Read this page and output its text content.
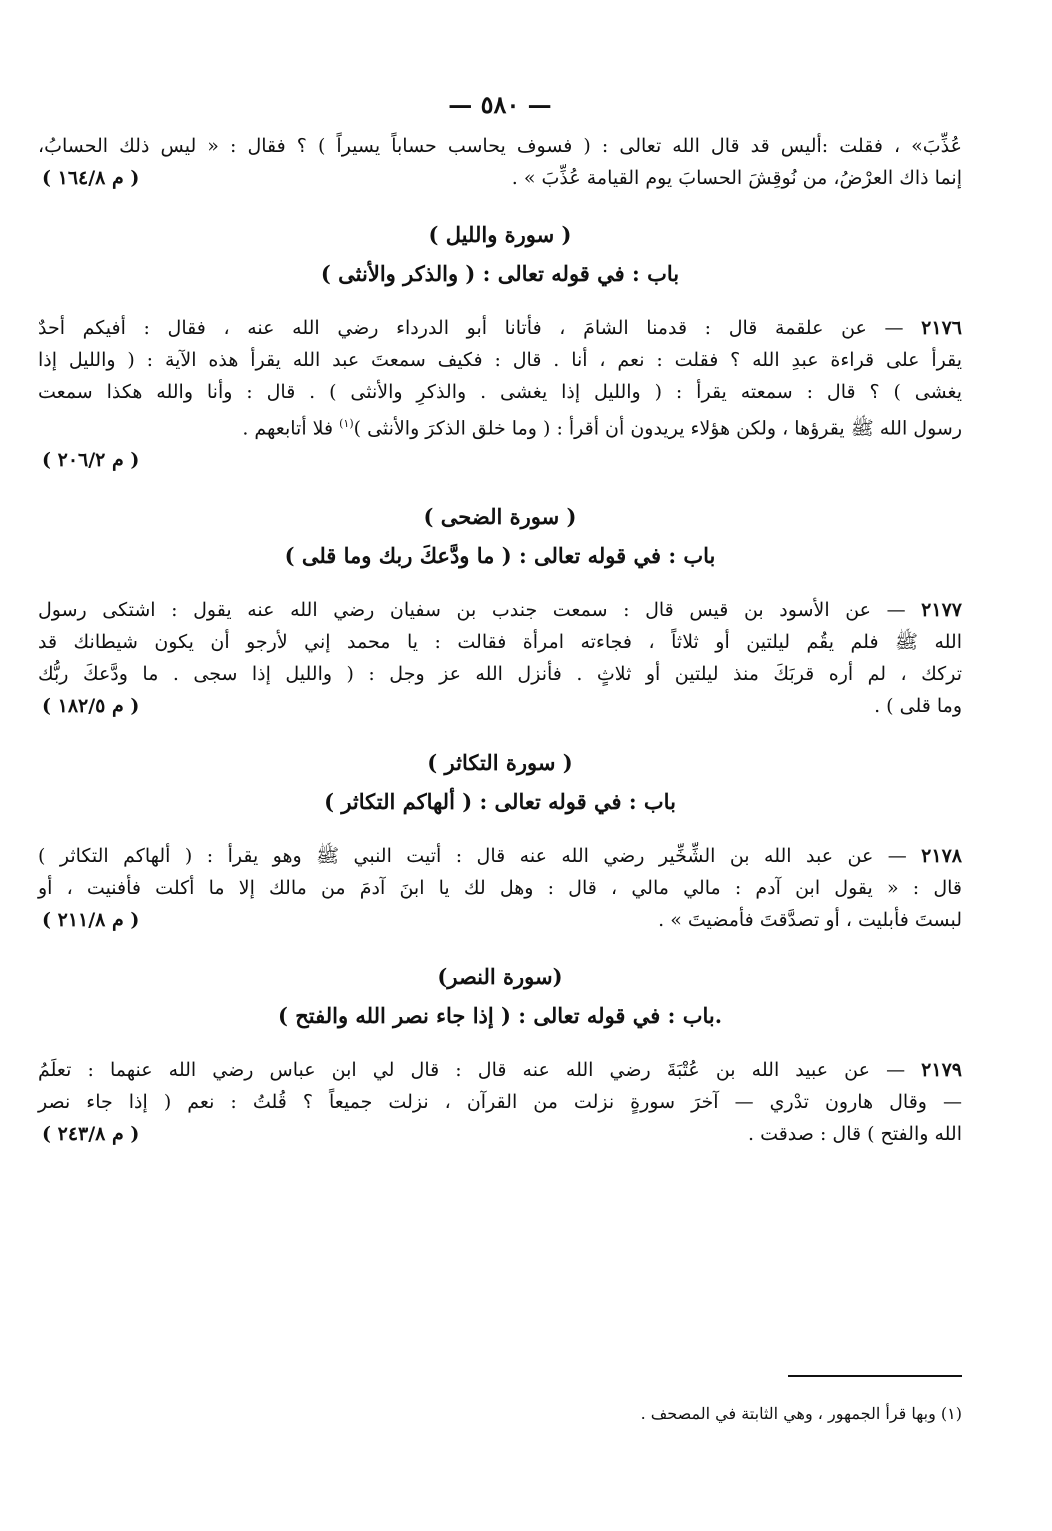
— ٥٨٠ —
عُذِّبَ» ، فقلت :أليس قد قال الله تعالى : ( فسوف يحاسب حساباً يسيراً ) ؟ فقال : « ليس ذلك الحسابُ،
إنما ذاك العرْضُ، من نُوقِشَ الحسابَ يوم القيامة عُذِّبَ » .
( م ١٦٤/٨ )
( سورة والليل )
باب : في قوله تعالى : ( والذكر والأنثى )
٢١٧٦ — عن علقمة قال : قدمنا الشامَ ، فأتانا أبو الدرداء رضي الله عنه ، فقال : أفيكم أحدٌ
يقرأ على قراءة عبدِ الله ؟ فقلت : نعم ، أنا . قال : فكيف سمعتَ عبد الله يقرأ هذه الآية : ( والليل إذا
يغشى ) ؟ قال : سمعته يقرأ : ( والليل إذا يغشى . والذكرِ والأنثى ) . قال : وأنا والله هكذا سمعت
رسول الله ﷺ يقرؤها ، ولكن هؤلاء يريدون أن أقرأ : ( وما خلق الذكرَ والأنثى )$^{(١)}$ فلا أتابعهم .
( م ٢٠٦/٢ )
( سورة الضحى )
باب : في قوله تعالى : ( ما ودَّعكَ ربك وما قلى )
٢١٧٧ — عن الأسود بن قيس قال : سمعت جندب بن سفيان رضي الله عنه يقول : اشتكى رسول
الله ﷺ فلم يقُم ليلتين أو ثلاثاً ، فجاءته امرأة فقالت : يا محمد إني لأرجو أن يكون شيطانك قد
تركك ، لم أره قربَكَ منذ ليلتين أو ثلاثٍ . فأنزل الله عز وجل : ( والليل إذا سجى . ما ودَّعكَ ربُّك
وما قلى ) .
( م ١٨٢/٥ )
( سورة التكاثر )
باب : في قوله تعالى : ( ألهاكم التكاثر )
٢١٧٨ — عن عبد الله بن الشِّخِّير رضي الله عنه قال : أتيت النبي ﷺ وهو يقرأ : ( ألهاكم التكاثر )
قال : « يقول ابن آدم : مالي مالي ، قال : وهل لك يا ابنَ آدمَ من مالك إلا ما أكلت فأفنيت ، أو
لبستَ فأبليت ، أو تصدَّقتَ فأمضيتَ » .
( م ٢١١/٨ )
(سورة النصر)
.باب : في قوله تعالى : ( إذا جاء نصر الله والفتح )
٢١٧٩ — عن عبيد الله بن عُتْبَةَ رضي الله عنه قال : قال لي ابن عباس رضي الله عنهما : تعلَمُ
— وقال هارون تدْري — آخرَ سورةٍ نزلت من القرآن ، نزلت جميعاً ؟ قُلتُ : نعم ( إذا جاء نصر
الله والفتح ) قال : صدقت .
( م ٢٤٣/٨ )
(١) وبها قرأ الجمهور ، وهي الثابتة في المصحف .
